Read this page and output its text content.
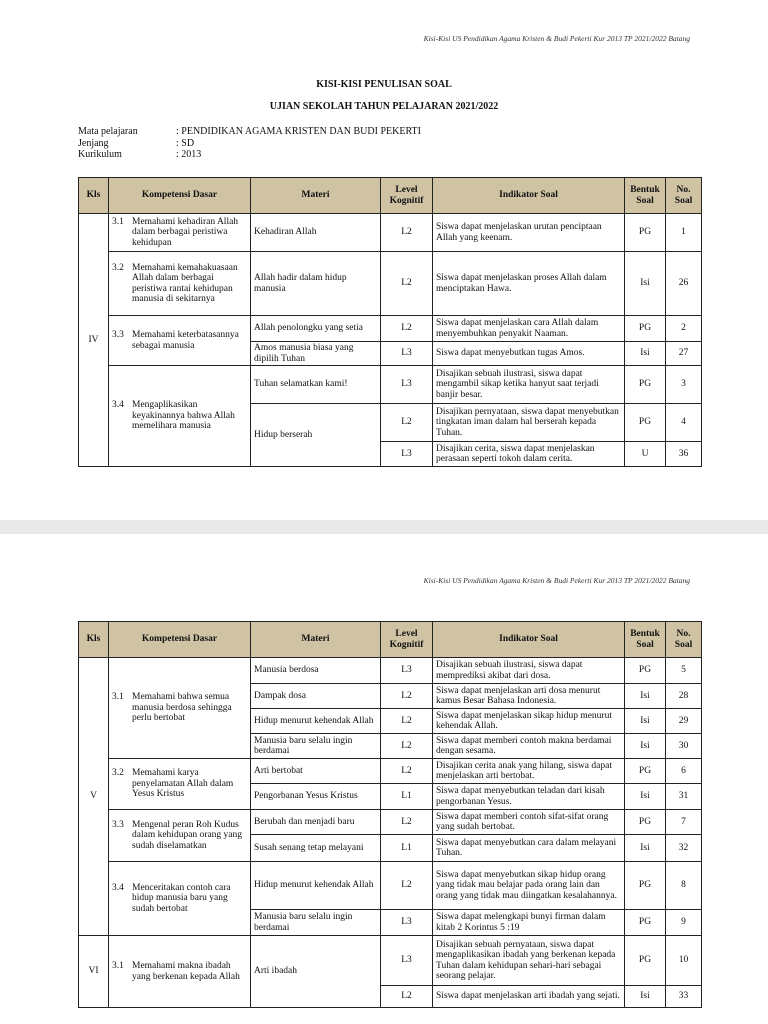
Kisi-Kisi US Pendidikan Agama Kristen & Budi Pekerti Kur 2013 TP 2021/2022 Batang
KISI-KISI PENULISAN SOAL
UJIAN SEKOLAH TAHUN PELAJARAN 2021/2022
Mata pelajaran	: PENDIDIKAN AGAMA KRISTEN DAN BUDI PEKERTI
Jenjang	: SD
Kurikulum	: 2013
Kls	Kompetensi Dasar	Materi	Level Kognitif	Indikator Soal	Bentuk Soal	No. Soal
IV	3.1 Memahami kehadiran Allah dalam berbagai peristiwa kehidupan	Kehadiran Allah	L2	Siswa dapat menjelaskan urutan penciptaan Allah yang keenam.	PG	1

	3.2 Memahami kemahakuasaan Allah dalam berbagai peristiwa rantai kehidupan manusia di sekitarnya	Allah hadir dalam hidup manusia	L2	Siswa dapat menjelaskan proses Allah dalam menciptakan Hawa.	Isi	26

	3.3 Memahami keterbatasannya sebagai manusia	Allah penolongku yang setia	L2	Siswa dapat menjelaskan cara Allah dalam menyembuhkan penyakit Naaman.	PG	2
		Amos manusia biasa yang dipilih Tuhan	L3	Siswa dapat menyebutkan tugas Amos.	Isi	27

	3.4 Mengaplikasikan keyakinannya bahwa Allah memelihara manusia	Tuhan selamatkan kami!	L3	Disajikan sebuah ilustrasi, siswa dapat mengambil sikap ketika hanyut saat terjadi banjir besar.	PG	3
		Hidup berserah	L2	Disajikan pernyataan, siswa dapat menyebutkan tingkatan iman dalam hal berserah kepada Tuhan.	PG	4
			L3	Disajikan cerita, siswa dapat menjelaskan perasaan seperti tokoh dalam cerita.	U	36
Kisi-Kisi US Pendidikan Agama Kristen & Budi Pekerti Kur 2013 TP 2021/2022 Batang
Kls	Kompetensi Dasar	Materi	Level Kognitif	Indikator Soal	Bentuk Soal	No. Soal
V	3.1 Memahami bahwa semua manusia berdosa sehingga perlu bertobat	Manusia berdosa	L3	Disajikan sebuah ilustrasi, siswa dapat memprediksi akibat dari dosa.	PG	5
		Dampak dosa	L2	Siswa dapat menjelaskan arti dosa menurut kamus Besar Bahasa Indonesia.	Isi	28
		Hidup menurut kehendak Allah	L2	Siswa dapat menjelaskan sikap hidup menurut kehendak Allah.	Isi	29
		Manusia baru selalu ingin berdamai	L2	Siswa dapat memberi contoh makna berdamai dengan sesama.	Isi	30

	3.2 Memahami karya penyelamatan Allah dalam Yesus Kristus	Arti bertobat	L2	Disajikan cerita anak yang hilang, siswa dapat menjelaskan arti bertobat.	PG	6
		Pengorbanan Yesus Kristus	L1	Siswa dapat menyebutkan teladan dari kisah pengorbanan Yesus.	Isi	31

	3.3 Mengenal peran Roh Kudus dalam kehidupan orang yang sudah diselamatkan	Berubah dan menjadi baru	L2	Siswa dapat memberi contoh sifat-sifat orang yang sudah bertobat.	PG	7
		Susah senang tetap melayani	L1	Siswa dapat menyebutkan cara dalam melayani Tuhan.	Isi	32

	3.4 Menceritakan contoh cara hidup manusia baru yang sudah bertobat	Hidup menurut kehendak Allah	L2	Siswa dapat menyebutkan sikap hidup orang yang tidak mau belajar pada orang lain dan orang yang tidak mau diingatkan kesalahannya.	PG	8
		Manusia baru selalu ingin berdamai	L3	Siswa dapat melengkapi bunyi firman dalam kitab 2 Korintus 5 :19	PG	9
VI	3.1 Memahami makna ibadah yang berkenan kepada Allah	Arti ibadah	L3	Disajikan sebuah pernyataan, siswa dapat mengaplikasikan ibadah yang berkenan kepada Tuhan dalam kehidupan sehari-hari sebagai seorang pelajar.	PG	10
			L2	Siswa dapat menjelaskan arti ibadah yang sejati.	Isi	33
